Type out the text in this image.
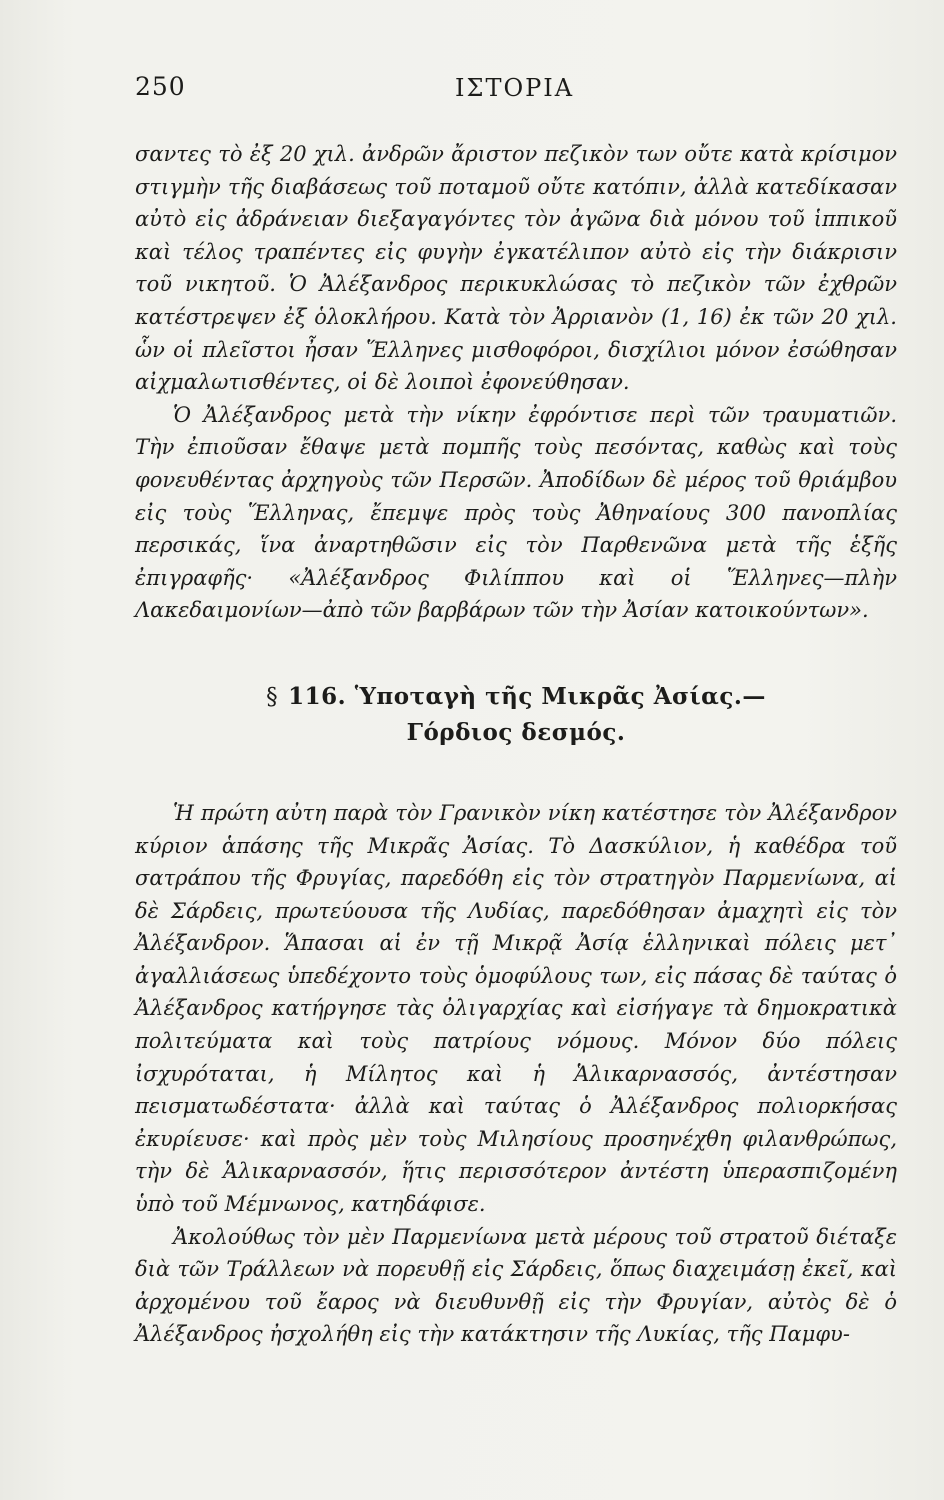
250	ΙΣΤΟΡΙΑ

σαντες τὸ ἐξ 20 χιλ. ἀνδρῶν ἄριστον πεζικὸν των οὔτε κατὰ κρίσιμον στιγμὴν τῆς διαβάσεως τοῦ ποταμοῦ οὔτε κατόπιν, ἀλλὰ κατεδίκασαν αὐτὸ εἰς ἀδράνειαν διεξαγαγόντες τὸν ἀγῶνα διὰ μόνου τοῦ ἱππικοῦ καὶ τέλος τραπέντες εἰς φυγὴν ἐγκατέλιπον αὐτὸ εἰς τὴν διάκρισιν τοῦ νικητοῦ. Ὁ Ἀλέξανδρος περικυκλώσας τὸ πεζικὸν τῶν ἐχθρῶν κατέστρεψεν ἐξ ὁλοκλήρου. Κατὰ τὸν Ἀρριανὸν (1, 16) ἐκ τῶν 20 χιλ. ὧν οἱ πλεῖστοι ἦσαν Ἕλληνες μισθοφόροι, δισχίλιοι μόνον ἐσώθησαν αἰχμαλωτισθέντες, οἱ δὲ λοιποὶ ἐφονεύθησαν.

Ὁ Ἀλέξανδρος μετὰ τὴν νίκην ἐφρόντισε περὶ τῶν τραυματιῶν. Τὴν ἐπιοῦσαν ἔθαψε μετὰ πομπῆς τοὺς πεσόντας, καθὼς καὶ τοὺς φονευθέντας ἀρχηγοὺς τῶν Περσῶν. Ἀποδίδων δὲ μέρος τοῦ θριάμβου εἰς τοὺς Ἕλληνας, ἔπεμψε πρὸς τοὺς Ἀθηναίους 300 πανοπλίας περσικάς, ἵνα ἀναρτηθῶσιν εἰς τὸν Παρθενῶνα μετὰ τῆς ἑξῆς ἐπιγραφῆς· «Ἀλέξανδρος Φιλίππου καὶ οἱ Ἕλληνες—πλὴν Λακεδαιμονίων—ἀπὸ τῶν βαρβάρων τῶν τὴν Ἀσίαν κατοικούντων».

§ 116. Ὑποταγὴ τῆς Μικρᾶς Ἀσίας.—
Γόρδιος δεσμός.

Ἡ πρώτη αὐτη παρὰ τὸν Γρανικὸν νίκη κατέστησε τὸν Ἀλέξανδρον κύριον ἁπάσης τῆς Μικρᾶς Ἀσίας. Τὸ Δασκύλιον, ἡ καθέδρα τοῦ σατράπου τῆς Φρυγίας, παρεδόθη εἰς τὸν στρατηγὸν Παρμενίωνα, αἱ δὲ Σάρδεις, πρωτεύουσα τῆς Λυδίας, παρεδόθησαν ἀμαχητὶ εἰς τὸν Ἀλέξανδρον. Ἅπασαι αἱ ἐν τῇ Μικρᾷ Ἀσίᾳ ἑλληνικαὶ πόλεις μετ᾽ ἀγαλλιάσεως ὑπεδέχοντο τοὺς ὁμοφύλους των, εἰς πάσας δὲ ταύτας ὁ Ἀλέξανδρος κατήργησε τὰς ὀλιγαρχίας καὶ εἰσήγαγε τὰ δημοκρατικὰ πολιτεύματα καὶ τοὺς πατρίους νόμους. Μόνον δύο πόλεις ἰσχυρόταται, ἡ Μίλητος καὶ ἡ Ἁλικαρνασσός, ἀντέστησαν πεισματωδέστατα· ἀλλὰ καὶ ταύτας ὁ Ἀλέξανδρος πολιορκήσας ἐκυρίευσε· καὶ πρὸς μὲν τοὺς Μιλησίους προσηνέχθη φιλανθρώπως, τὴν δὲ Ἁλικαρνασσόν, ἥτις περισσότερον ἀντέστη ὑπερασπιζομένη ὑπὸ τοῦ Μέμνωνος, κατηδάφισε.

Ἀκολούθως τὸν μὲν Παρμενίωνα μετὰ μέρους τοῦ στρατοῦ διέταξε διὰ τῶν Τράλλεων νὰ πορευθῇ εἰς Σάρδεις, ὅπως διαχειμάσῃ ἐκεῖ, καὶ ἀρχομένου τοῦ ἔαρος νὰ διευθυνθῇ εἰς τὴν Φρυγίαν, αὐτὸς δὲ ὁ Ἀλέξανδρος ἠσχολήθη εἰς τὴν κατάκτησιν τῆς Λυκίας, τῆς Παμφυ-
